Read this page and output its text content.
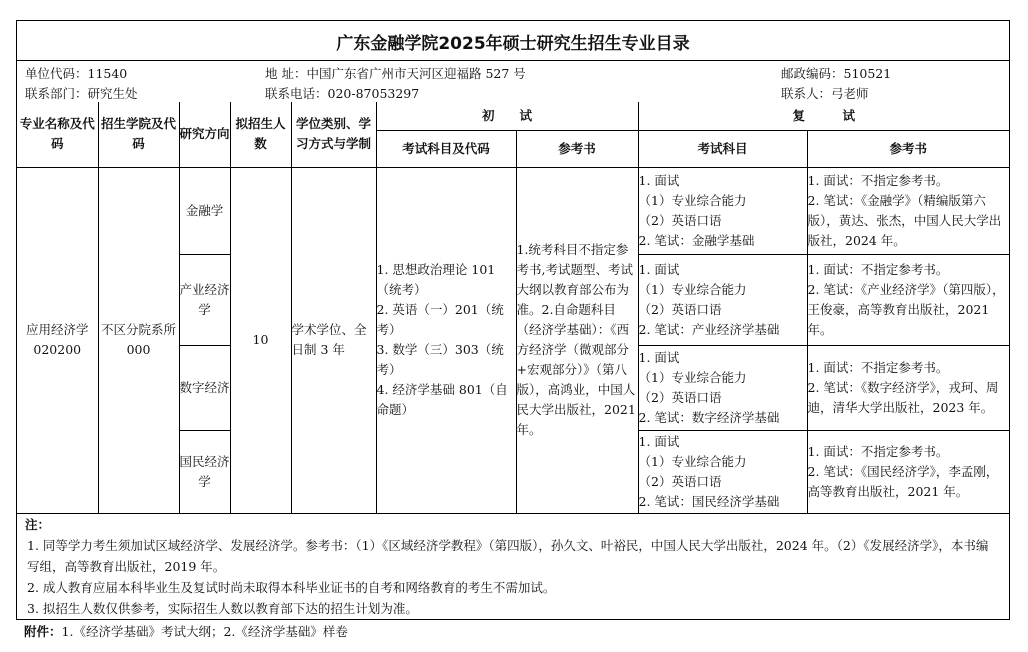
广东金融学院2025年硕士研究生招生专业目录
单位代码：11540	地 址：中国广东省广州市天河区迎福路 527 号	邮政编码：510521
联系部门：研究生处	联系电话：020-87053297	联系人：弓老师
专业名称及代码	招生学院及代码	研究方向	拟招生人数	学位类别、学习方式与学制	初　　试		复　　　试	
					考试科目及代码	参考书	考试科目	参考书
应用经济学 020200	不区分院系所 000	金融学	10	学术学位、全日制 3 年	1. 思想政治理论 101（统考）
2. 英语（一）201（统考）
3. 数学（三）303（统考）
4. 经济学基础 801（自命题）	1.统考科目不指定参考书,考试题型、考试大纲以教育部公布为准。2.自命题科目（经济学基础）：《西方经济学（微观部分+宏观部分）》（第八版），高鸿业，中国人民大学出版社，2021 年。	1. 面试
（1）专业综合能力
（2）英语口语
2. 笔试：金融学基础	1. 面试：不指定参考书。
2. 笔试：《金融学》（精编版第六版），黄达、张杰，中国人民大学出版社，2024 年。

		产业经济学					1. 面试
（1）专业综合能力
（2）英语口语
2. 笔试：产业经济学基础	1. 面试：不指定参考书。
2. 笔试：《产业经济学》（第四版），王俊豪，高等教育出版社，2021 年。

		数字经济					1. 面试
（1）专业综合能力
（2）英语口语
2. 笔试：数字经济学基础	1. 面试：不指定参考书。
2. 笔试：《数字经济学》，戎珂、周迪，清华大学出版社，2023 年。

		国民经济学					1. 面试
（1）专业综合能力
（2）英语口语
2. 笔试：国民经济学基础	1. 面试：不指定参考书。
2. 笔试：《国民经济学》，李孟刚，高等教育出版社，2021 年。
注：
1. 同等学力考生须加试区域经济学、发展经济学。参考书：（1）《区域经济学教程》（第四版），孙久文、叶裕民，中国人民大学出版社，2024 年。（2）《发展经济学》，本书编写组，高等教育出版社，2019 年。
2. 成人教育应届本科毕业生及复试时尚未取得本科毕业证书的自考和网络教育的考生不需加试。
3. 拟招生人数仅供参考，实际招生人数以教育部下达的招生计划为准。
附件：1.《经济学基础》考试大纲；2.《经济学基础》样卷
